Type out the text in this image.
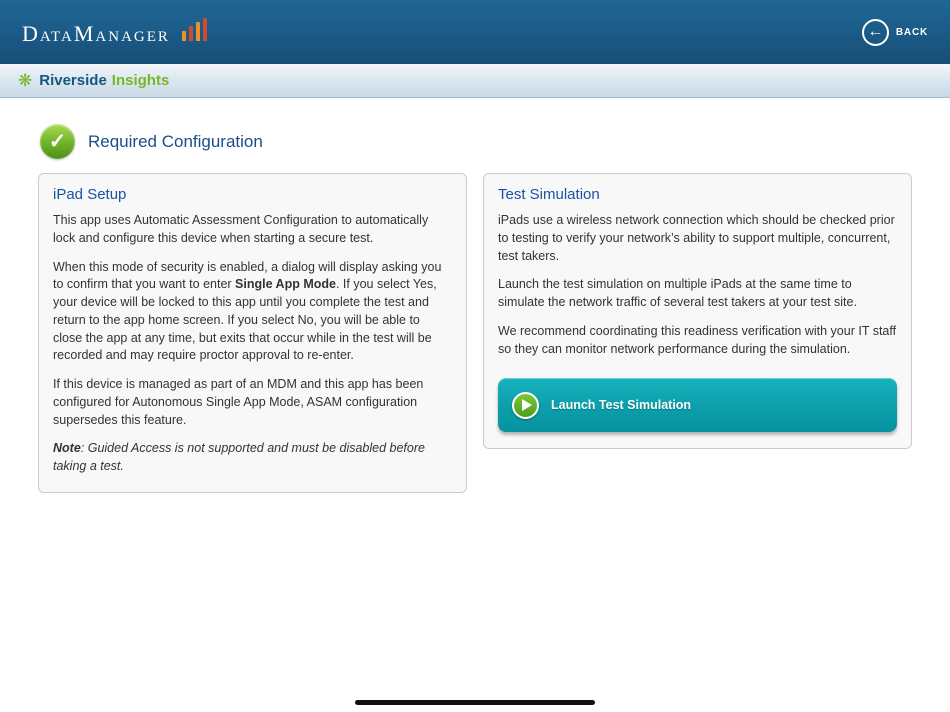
D ATA M ANAGER	←	BACK
❋ Riverside Insights
✓	Required Configuration
iPad Setup

This app uses Automatic Assessment Configuration to automatically lock and configure this device when starting a secure test.

When this mode of security is enabled, a dialog will display asking you to confirm that you want to enter Single App Mode. If you select Yes, your device will be locked to this app until you complete the test and return to the app home screen. If you select No, you will be able to close the app at any time, but exits that occur while in the test will be recorded and may require proctor approval to re-enter.

If this device is managed as part of an MDM and this app has been configured for Autonomous Single App Mode, ASAM configuration supersedes this feature.

Note: Guided Access is not supported and must be disabled before taking a test.

Test Simulation

iPads use a wireless network connection which should be checked prior to testing to verify your network’s ability to support multiple, concurrent, test takers.

Launch the test simulation on multiple iPads at the same time to simulate the network traffic of several test takers at your test site.

We recommend coordinating this readiness verification with your IT staff so they can monitor network performance during the simulation.

Launch Test Simulation
